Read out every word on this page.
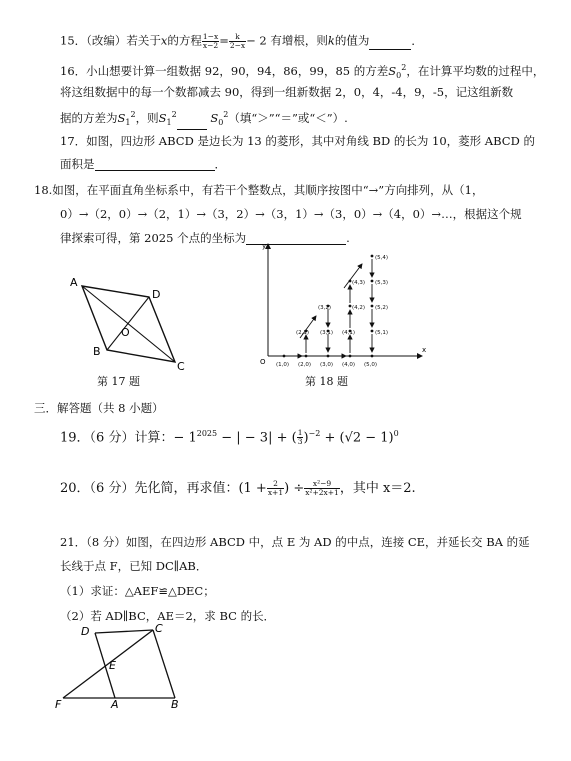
15．（改编）若关于x的方程 $\frac{1-x}{x-2} = \frac{k}{2-x} - 2$ 有增根，则k的值为	．
16．小山想要计算一组数据 92，90，94，86，99，85 的方差$S_0^2$，在计算平均数的过程中，
将这组数据中的每一个数都减去 90，得到一组新数据 2，0，4，-4，9，-5，记这组新数
据的方差为$S_1^2$，则$S_1^2$	$S_0^2$（填“＞”“＝”或“＜”）.
17．如图，四边形 ABCD 是边长为 13 的菱形，其中对角线 BD 的长为 10，菱形 ABCD 的
面积是	．
18.如图，在平面直角坐标系中，有若干个整数点，其顺序按图中“→”方向排列，从（1，
0）→（2，0）→（2，1）→（3，2）→（3，1）→（3，0）→（4，0）→…，根据这个规
律探索可得，第 2025 个点的坐标为	.
A
D
O
B
C
第 17 题
y
x
O (1,0) (2,0) (3,0) (4,0) (5,0)
(2,1) (3,1) (4,1)	(5,1)
(3,2)	(4,2) (5,2)
(4,3) (5,3)
(5,4)
第 18 题
三．解答题（共 8 小题）
19．（6 分）计算：− $1^{2025}$ − | − 3| + ( $\frac{1}{3} )^{-2} + (√2 - 1)^0$
20．（6 分）先化简，再求值：($1 + \frac{2}{x+1}$ ) ÷ $\frac{\text{x²−9}}{\text{x²+2x+1}}$ ，其中 x＝2.
21．（8 分）如图，在四边形 ABCD 中，点 E 为 AD 的中点，连接 CE，并延长交 BA 的延
长线于点 F，已知 DC∥AB．
（1）求证：△AEF≌△DEC；
（2）若 AD∥BC，AE＝2，求 BC 的长．
D	C
E
F	A	B
